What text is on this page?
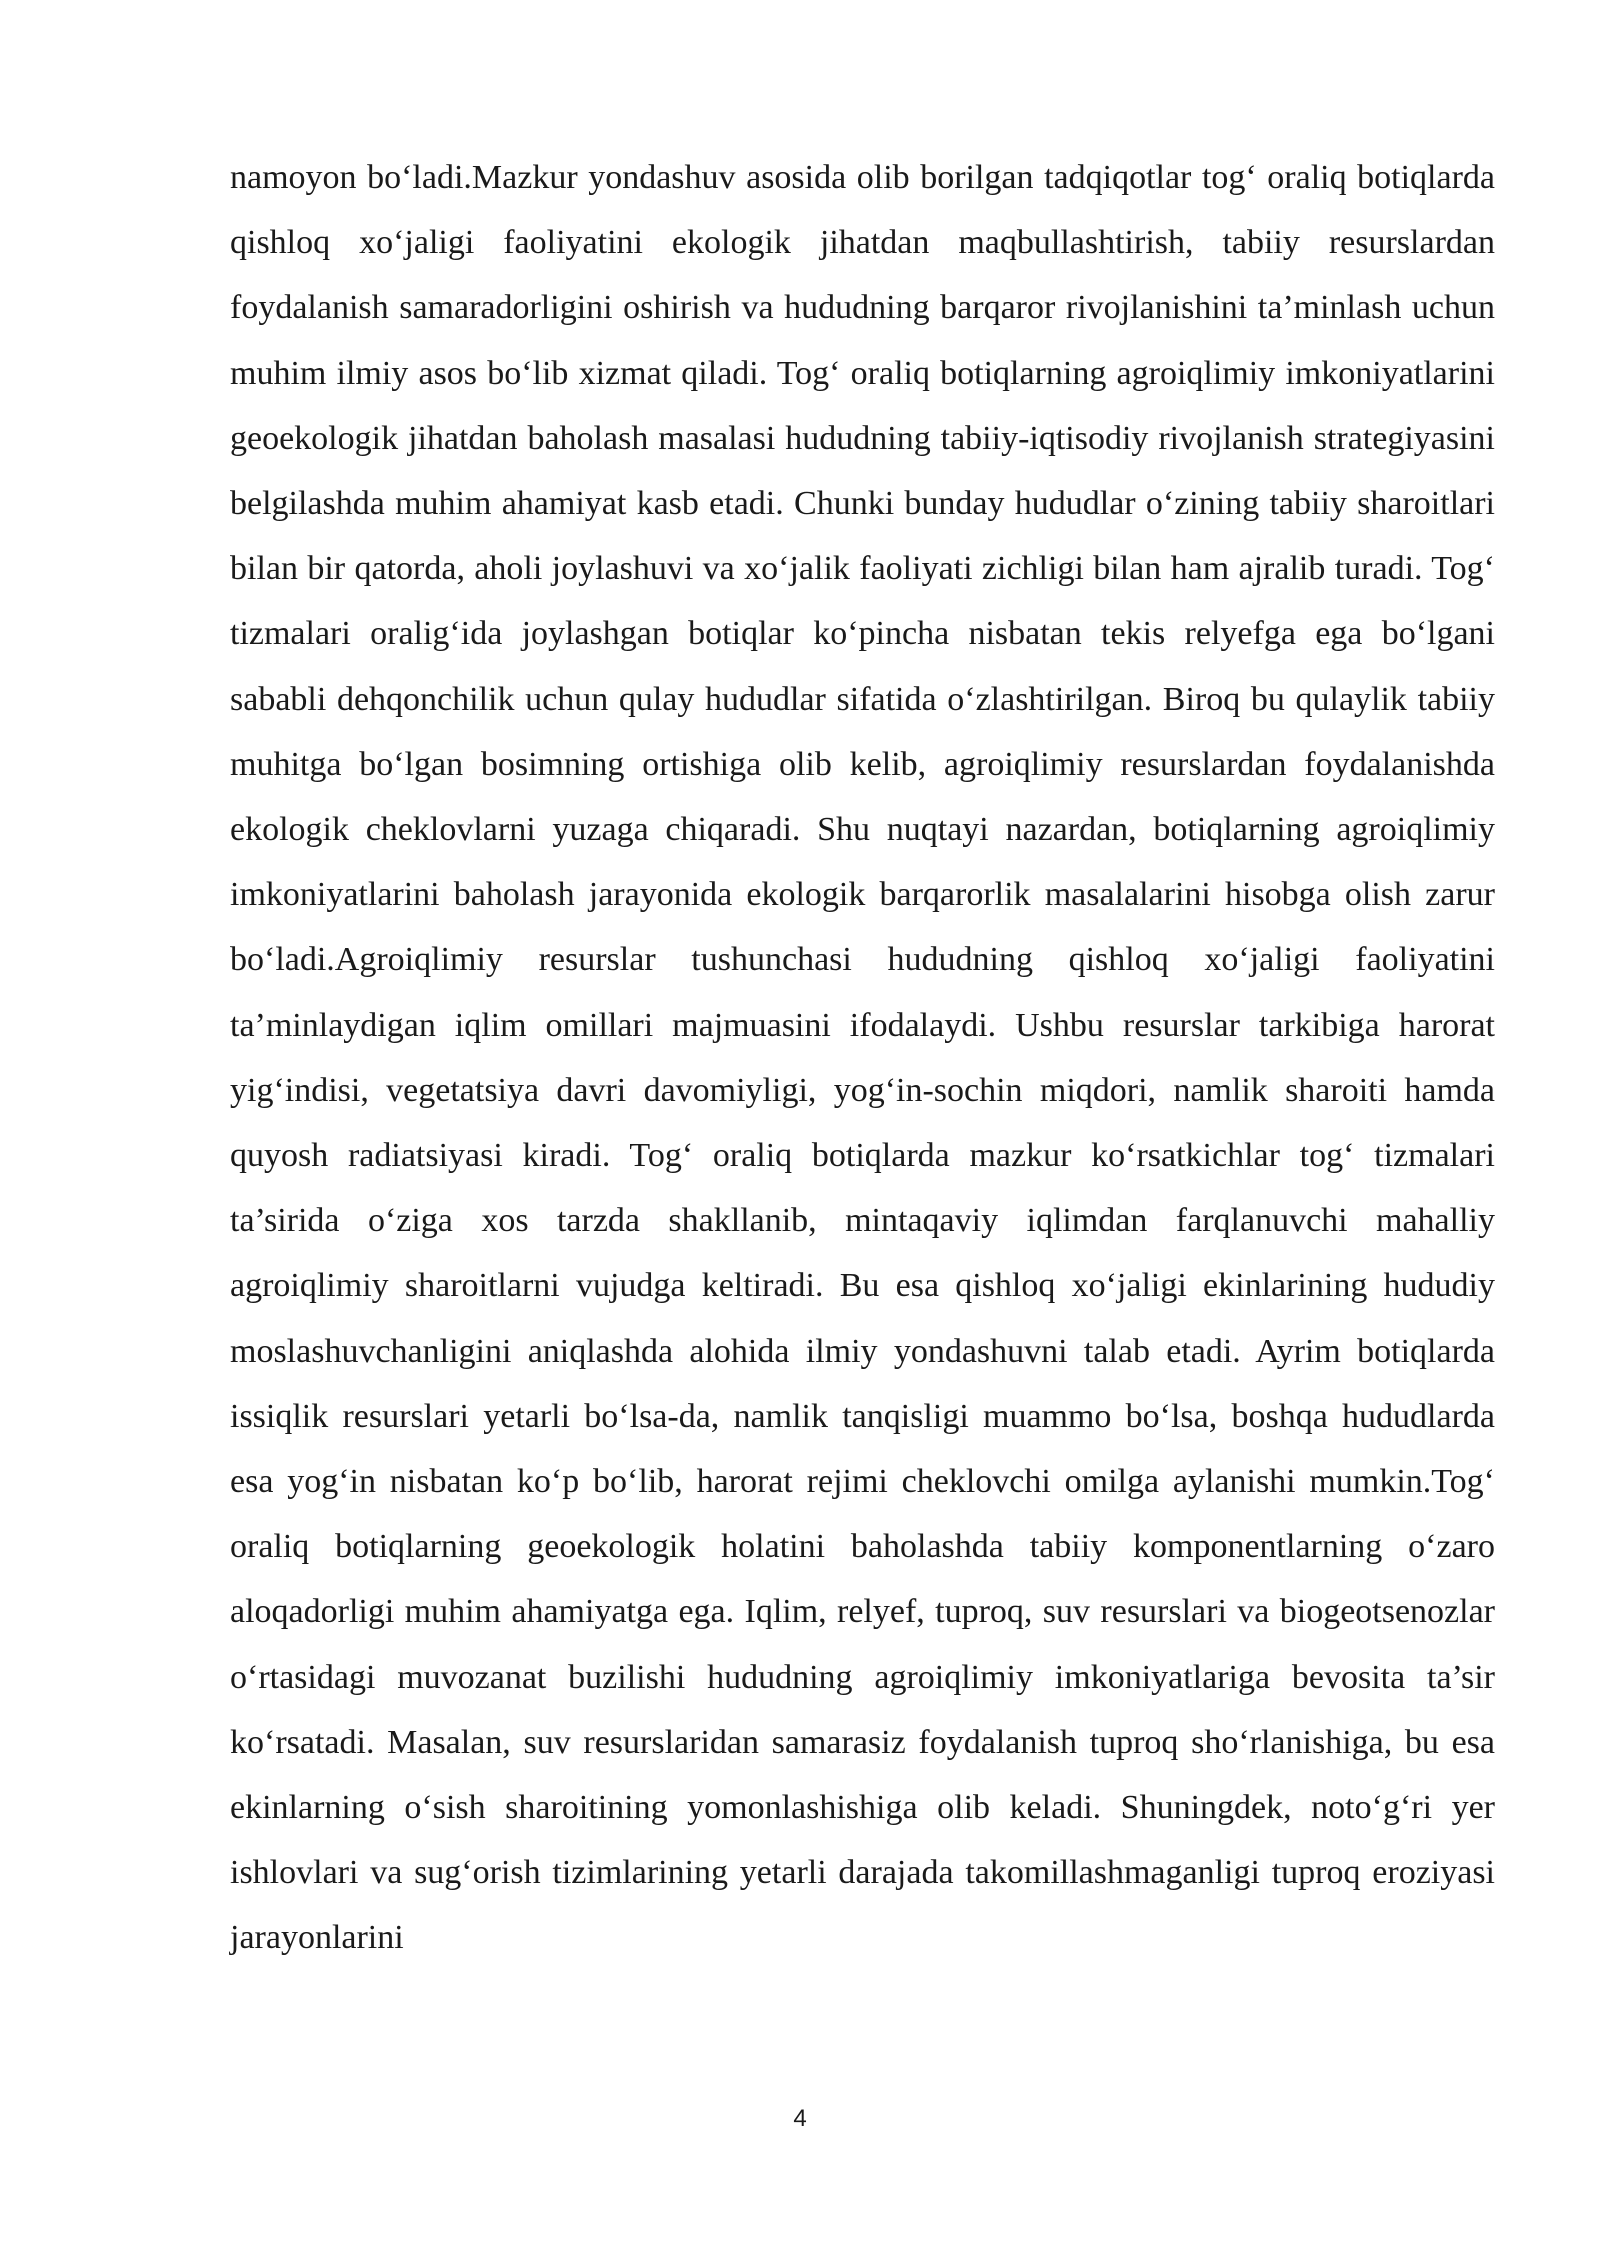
namoyon bo‘ladi.Mazkur yondashuv asosida olib borilgan tadqiqotlar tog‘ oraliq botiqlarda qishloq xo‘jaligi faoliyatini ekologik jihatdan maqbullashtirish, tabiiy resurslardan foydalanish samaradorligini oshirish va hududning barqaror rivojlanishini ta’minlash uchun muhim ilmiy asos bo‘lib xizmat qiladi. Tog‘ oraliq botiqlarning agroiqlimiy imkoniyatlarini geoekologik jihatdan baholash masalasi hududning tabiiy-iqtisodiy rivojlanish strategiyasini belgilashda muhim ahamiyat kasb etadi. Chunki bunday hududlar o‘zining tabiiy sharoitlari bilan bir qatorda, aholi joylashuvi va xo‘jalik faoliyati zichligi bilan ham ajralib turadi. Tog‘ tizmalari oralig‘ida joylashgan botiqlar ko‘pincha nisbatan tekis relyefga ega bo‘lgani sababli dehqonchilik uchun qulay hududlar sifatida o‘zlashtirilgan. Biroq bu qulaylik tabiiy muhitga bo‘lgan bosimning ortishiga olib kelib, agroiqlimiy resurslardan foydalanishda ekologik cheklovlarni yuzaga chiqaradi. Shu nuqtayi nazardan, botiqlarning agroiqlimiy imkoniyatlarini baholash jarayonida ekologik barqarorlik masalalarini hisobga olish zarur bo‘ladi.Agroiqlimiy resurslar tushunchasi hududning qishloq xo‘jaligi faoliyatini ta’minlaydigan iqlim omillari majmuasini ifodalaydi. Ushbu resurslar tarkibiga harorat yig‘indisi, vegetatsiya davri davomiyligi, yog‘in-sochin miqdori, namlik sharoiti hamda quyosh radiatsiyasi kiradi. Tog‘ oraliq botiqlarda mazkur ko‘rsatkichlar tog‘ tizmalari ta’sirida o‘ziga xos tarzda shakllanib, mintaqaviy iqlimdan farqlanuvchi mahalliy agroiqlimiy sharoitlarni vujudga keltiradi. Bu esa qishloq xo‘jaligi ekinlarining hududiy moslashuvchanligini aniqlashda alohida ilmiy yondashuvni talab etadi. Ayrim botiqlarda issiqlik resurslari yetarli bo‘lsa-da, namlik tanqisligi muammo bo‘lsa, boshqa hududlarda esa yog‘in nisbatan ko‘p bo‘lib, harorat rejimi cheklovchi omilga aylanishi mumkin.Tog‘ oraliq botiqlarning geoekologik holatini baholashda tabiiy komponentlarning o‘zaro aloqadorligi muhim ahamiyatga ega. Iqlim, relyef, tuproq, suv resurslari va biogeotsenozlar o‘rtasidagi muvozanat buzilishi hududning agroiqlimiy imkoniyatlariga bevosita ta’sir ko‘rsatadi. Masalan, suv resurslaridan samarasiz foydalanish tuproq sho‘rlanishiga, bu esa ekinlarning o‘sish sharoitining yomonlashishiga olib keladi. Shuningdek, noto‘g‘ri yer ishlovlari va sug‘orish tizimlarining yetarli darajada takomillashmaganligi tuproq eroziyasi jarayonlarini

4
